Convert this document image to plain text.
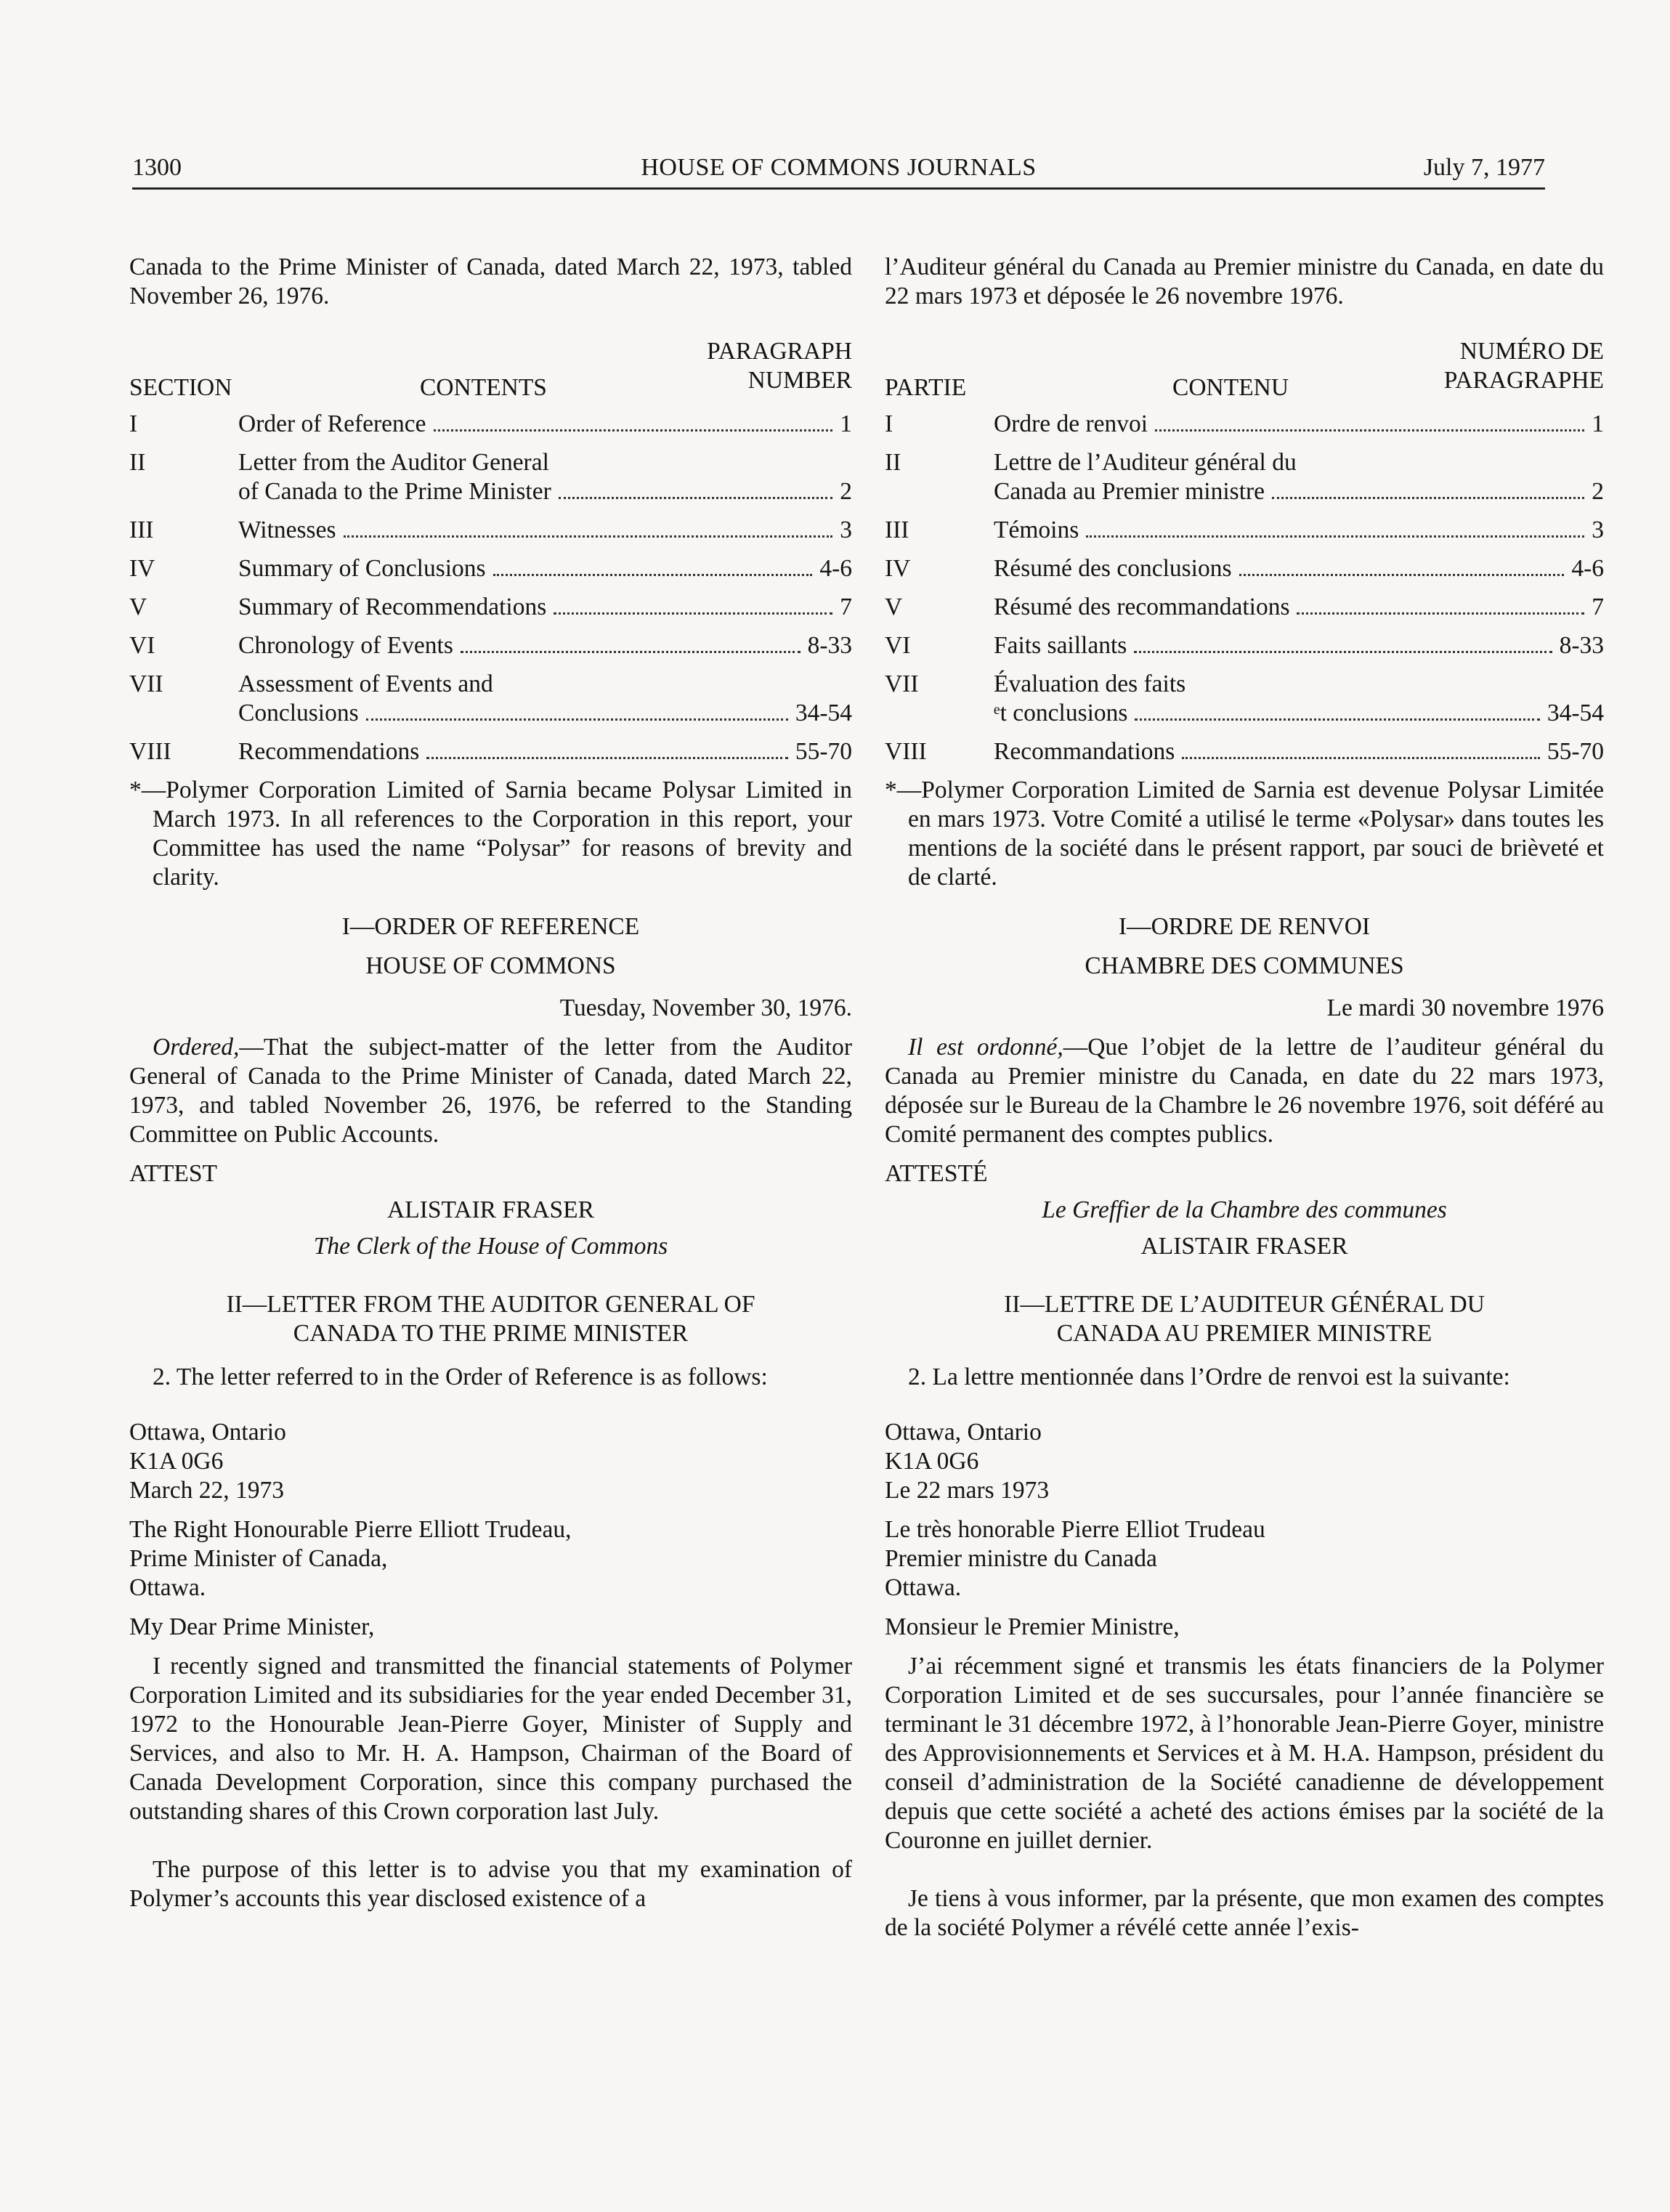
1300	HOUSE OF COMMONS JOURNALS	July 7, 1977

Canada to the Prime Minister of Canada, dated March 22, 1973, tabled November 26, 1976.

SECTION	CONTENTS
PARAGRAPH
NUMBER
I	Order of Reference	1
II	Letter from the Auditor General
of Canada to the Prime Minister	2
III	Witnesses	3
IV	Summary of Conclusions	4-6
V	Summary of Recommendations	7
VI	Chronology of Events	8-33
VII	Assessment of Events and
Conclusions	34-54
VIII	Recommendations	55-70

*—Polymer Corporation Limited of Sarnia became Polysar Limited in March 1973. In all references to the Corporation in this report, your Committee has used the name “Polysar” for reasons of brevity and clarity.

I—ORDER OF REFERENCE

HOUSE OF COMMONS

Tuesday, November 30, 1976.

Ordered,—That the subject-matter of the letter from the Auditor General of Canada to the Prime Minister of Canada, dated March 22, 1973, and tabled November 26, 1976, be referred to the Standing Committee on Public Accounts.

ATTEST

ALISTAIR FRASER

The Clerk of the House of Commons

II—LETTER FROM THE AUDITOR GENERAL OF
CANADA TO THE PRIME MINISTER

2. The letter referred to in the Order of Reference is as follows:

Ottawa, Ontario
K1A 0G6
March 22, 1973

The Right Honourable Pierre Elliott Trudeau,
Prime Minister of Canada,
Ottawa.

My Dear Prime Minister,

I recently signed and transmitted the financial statements of Polymer Corporation Limited and its subsidiaries for the year ended December 31, 1972 to the Honourable Jean-Pierre Goyer, Minister of Supply and Services, and also to Mr. H. A. Hampson, Chairman of the Board of Canada Development Corporation, since this company purchased the outstanding shares of this Crown corporation last July.

The purpose of this letter is to advise you that my examination of Polymer’s accounts this year disclosed existence of a

l’Auditeur général du Canada au Premier ministre du Canada, en date du 22 mars 1973 et déposée le 26 novembre 1976.

PARTIE	CONTENU
NUMÉRO DE
PARAGRAPHE
I	Ordre de renvoi	1
II	Lettre de l’Auditeur général du
Canada au Premier ministre	2
III	Témoins	3
IV	Résumé des conclusions	4-6
V	Résumé des recommandations	7
VI	Faits saillants	8-33
VII	Évaluation des faits
ᵉt conclusions	34-54
VIII	Recommandations	55-70

*—Polymer Corporation Limited de Sarnia est devenue Polysar Limitée en mars 1973. Votre Comité a utilisé le terme «Polysar» dans toutes les mentions de la société dans le présent rapport, par souci de brièveté et de clarté.

I—ORDRE DE RENVOI

CHAMBRE DES COMMUNES

Le mardi 30 novembre 1976

Il est ordonné,—Que l’objet de la lettre de l’auditeur général du Canada au Premier ministre du Canada, en date du 22 mars 1973, déposée sur le Bureau de la Chambre le 26 novembre 1976, soit déféré au Comité permanent des comptes publics.

ATTESTÉ

Le Greffier de la Chambre des communes

ALISTAIR FRASER

II—LETTRE DE L’AUDITEUR GÉNÉRAL DU
CANADA AU PREMIER MINISTRE

2. La lettre mentionnée dans l’Ordre de renvoi est la suivante:

Ottawa, Ontario
K1A 0G6
Le 22 mars 1973

Le très honorable Pierre Elliot Trudeau
Premier ministre du Canada
Ottawa.

Monsieur le Premier Ministre,

J’ai récemment signé et transmis les états financiers de la Polymer Corporation Limited et de ses succursales, pour l’année financière se terminant le 31 décembre 1972, à l’honorable Jean-Pierre Goyer, ministre des Approvisionnements et Services et à M. H.A. Hampson, président du conseil d’administration de la Société canadienne de développement depuis que cette société a acheté des actions émises par la société de la Couronne en juillet dernier.

Je tiens à vous informer, par la présente, que mon examen des comptes de la société Polymer a révélé cette année l’exis-
